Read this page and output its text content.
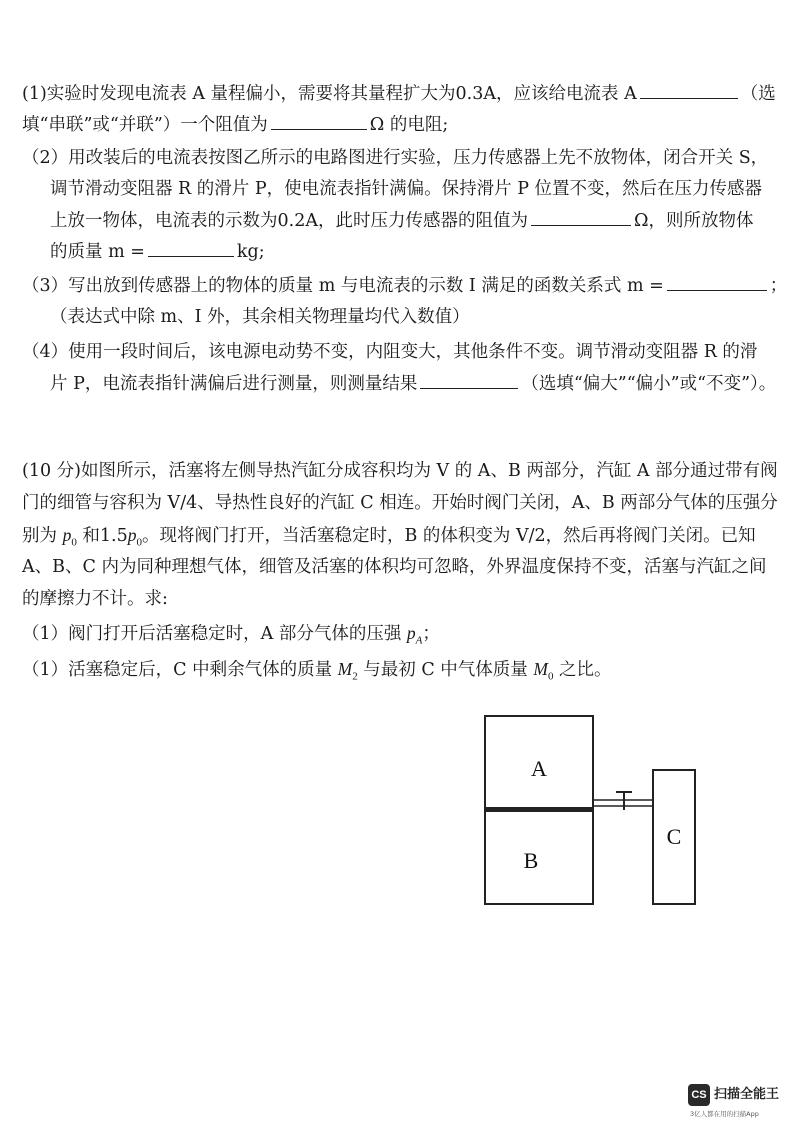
(1)实验时发现电流表 A 量程偏小，需要将其量程扩大为0.3A，应该给电流表 A	（选
填“串联”或“并联”）一个阻值为	Ω 的电阻;
（2）用改装后的电流表按图乙所示的电路图进行实验，压力传感器上先不放物体，闭合开关 S，
调节滑动变阻器 R 的滑片 P，使电流表指针满偏。保持滑片 P 位置不变，然后在压力传感器
上放一物体，电流表的示数为0.2A，此时压力传感器的阻值为	Ω，则所放物体
的质量 m =	kg;
（3）写出放到传感器上的物体的质量 m 与电流表的示数 I 满足的函数关系式 m =	；
（表达式中除 m、I 外，其余相关物理量均代入数值）
（4）使用一段时间后，该电源电动势不变，内阻变大，其他条件不变。调节滑动变阻器 R 的滑
片 P，电流表指针满偏后进行测量，则测量结果	（选填“偏大”“偏小”或“不变”）。
(10 分)如图所示，活塞将左侧导热汽缸分成容积均为 V 的 A、B 两部分，汽缸 A 部分通过带有阀
门的细管与容积为 V/4、导热性良好的汽缸 C 相连。开始时阀门关闭，A、B 两部分气体的压强分
别为 $p_0$ 和$1.5p_0$。现将阀门打开，当活塞稳定时，B 的体积变为 V/2，然后再将阀门关闭。已知
A、B、C 内为同种理想气体，细管及活塞的体积均可忽略，外界温度保持不变，活塞与汽缸之间
的摩擦力不计。求:
（1）阀门打开后活塞稳定时，A 部分气体的压强 $p_A$；
（1）活塞稳定后，C 中剩余气体的质量 $M_2$ 与最初 C 中气体质量 $M_0$ 之比。
A
B
C
CS 扫描全能王
3亿人都在用的扫描App
